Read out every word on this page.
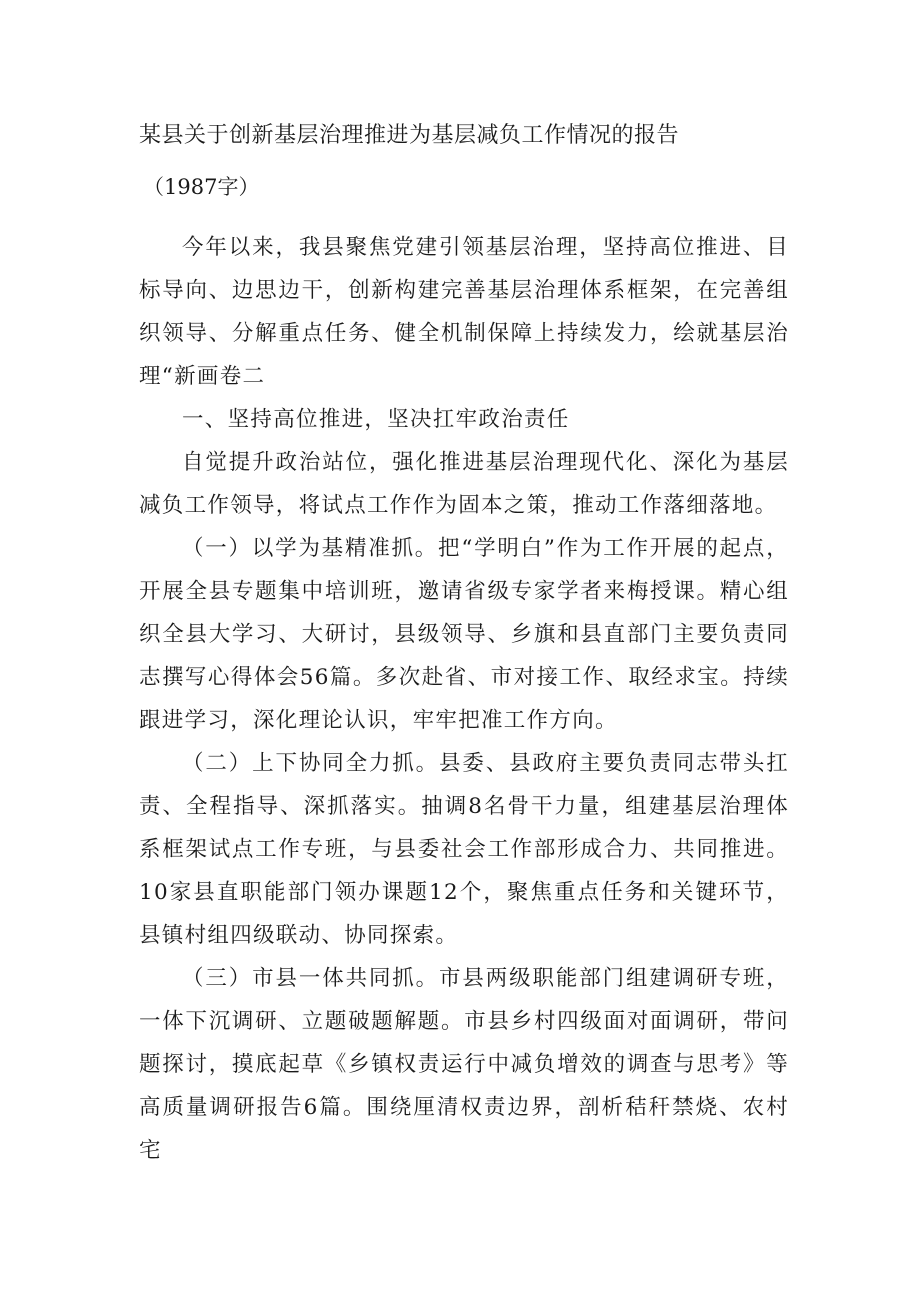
某县关于创新基层治理推进为基层减负工作情况的报告
（1987字）

今年以来，我县聚焦党建引领基层治理，坚持高位推进、目标导向、边思边干，创新构建完善基层治理体系框架，在完善组织领导、分解重点任务、健全机制保障上持续发力，绘就基层治理“新画卷二

一、坚持高位推进，坚决扛牢政治责任

自觉提升政治站位，强化推进基层治理现代化、深化为基层减负工作领导，将试点工作作为固本之策，推动工作落细落地。

（一）以学为基精准抓。把“学明白”作为工作开展的起点，开展全县专题集中培训班，邀请省级专家学者来梅授课。精心组织全县大学习、大研讨，县级领导、乡旗和县直部门主要负责同志撰写心得体会56篇。多次赴省、市对接工作、取经求宝。持续跟进学习，深化理论认识，牢牢把准工作方向。

（二）上下协同全力抓。县委、县政府主要负责同志带头扛责、全程指导、深抓落实。抽调8名骨干力量，组建基层治理体系框架试点工作专班，与县委社会工作部形成合力、共同推进。10家县直职能部门领办课题12个，聚焦重点任务和关键环节，县镇村组四级联动、协同探索。

（三）市县一体共同抓。市县两级职能部门组建调研专班，一体下沉调研、立题破题解题。市县乡村四级面对面调研，带问题探讨，摸底起草《乡镇权责运行中减负增效的调查与思考》等高质量调研报告6篇。围绕厘清权责边界，剖析秸秆禁烧、农村宅
